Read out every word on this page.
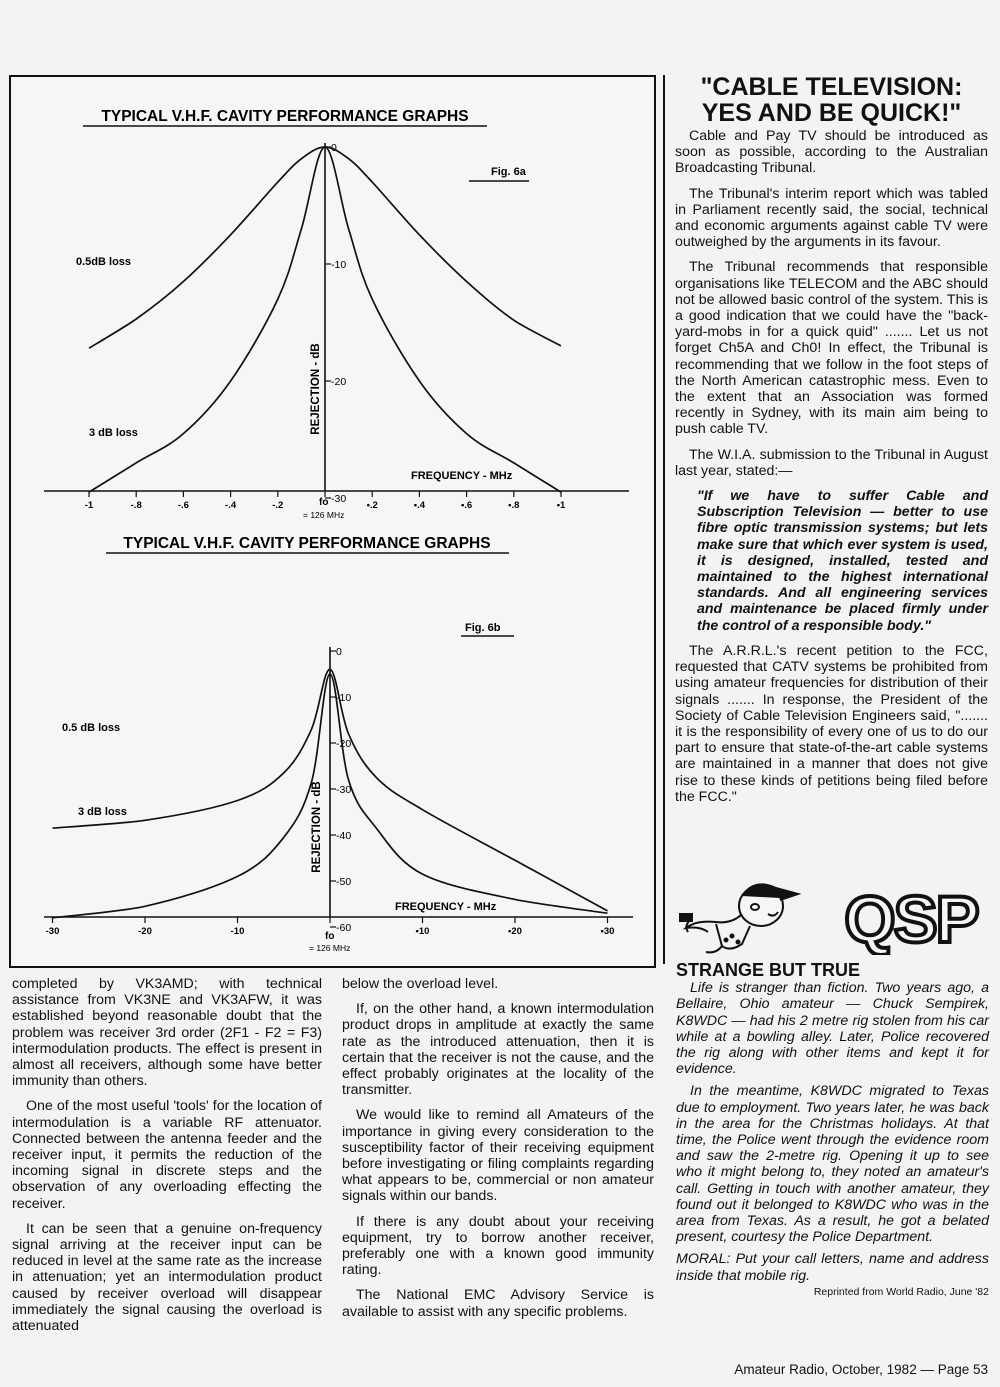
TYPICAL V.H.F. CAVITY PERFORMANCE GRAPHS
Fig. 6a
0
-10
-20
-30
-1	-.8	-.6	-.4	-.2	•.2	•.4	•.6	•.8	•1
REJECTION - dB
FREQUENCY - MHz
0.5dB loss
3 dB loss
fo
= 126 MHz
TYPICAL V.H.F. CAVITY PERFORMANCE GRAPHS
Fig. 6b
0
-10
-20
-30
-40
-50
-60
-30	-20	-10	•10	•20	•30
REJECTION - dB
FREQUENCY - MHz
0.5 dB loss
3 dB loss
fo
= 126 MHz

completed by VK3AMD; with technical assistance from VK3NE and VK3AFW, it was established beyond reasonable doubt that the problem was receiver 3rd order (2F1 - F2 = F3) intermodulation products. The effect is present in almost all receivers, although some have better immunity than others.

One of the most useful 'tools' for the location of intermodulation is a variable RF attenuator. Connected between the antenna feeder and the receiver input, it permits the reduction of the incoming signal in discrete steps and the observation of any overloading effecting the receiver.

It can be seen that a genuine on-frequency signal arriving at the receiver input can be reduced in level at the same rate as the increase in attenuation; yet an intermodulation product caused by receiver overload will disappear immediately the signal causing the overload is attenuated

below the overload level.

If, on the other hand, a known intermodulation product drops in amplitude at exactly the same rate as the introduced attenuation, then it is certain that the receiver is not the cause, and the effect probably originates at the locality of the transmitter.

We would like to remind all Amateurs of the importance in giving every consideration to the susceptibility factor of their receiving equipment before investigating or filing complaints regarding what appears to be, commercial or non amateur signals within our bands.

If there is any doubt about your receiving equipment, try to borrow another receiver, preferably one with a known good immunity rating.

The National EMC Advisory Service is available to assist with any specific problems.

"CABLE TELEVISION: YES AND BE QUICK!"

Cable and Pay TV should be introduced as soon as possible, according to the Australian Broadcasting Tribunal.

The Tribunal's interim report which was tabled in Parliament recently said, the social, technical and economic arguments against cable TV were outweighed by the arguments in its favour.

The Tribunal recommends that responsible organisations like TELECOM and the ABC should not be allowed basic control of the system. This is a good indication that we could have the "back-yard-mobs in for a quick quid" ....... Let us not forget Ch5A and Ch0! In effect, the Tribunal is recommending that we follow in the foot steps of the North American catastrophic mess. Even to the extent that an Association was formed recently in Sydney, with its main aim being to push cable TV.

The W.I.A. submission to the Tribunal in August last year, stated:—

"If we have to suffer Cable and Subscription Television — better to use fibre optic transmission systems; but lets make sure that which ever system is used, it is designed, installed, tested and maintained to the highest international standards. And all engineering services and maintenance be placed firmly under the control of a responsible body."

The A.R.R.L.'s recent petition to the FCC, requested that CATV systems be prohibited from using amateur frequencies for distribution of their signals ....... In response, the President of the Society of Cable Television Engineers said, "....... it is the responsibility of every one of us to do our part to ensure that state-of-the-art cable systems are maintained in a manner that does not give rise to these kinds of petitions being filed before the FCC."

QSP
STRANGE BUT TRUE

Life is stranger than fiction. Two years ago, a Bellaire, Ohio amateur — Chuck Sempirek, K8WDC — had his 2 metre rig stolen from his car while at a bowling alley. Later, Police recovered the rig along with other items and kept it for evidence.

In the meantime, K8WDC migrated to Texas due to employment. Two years later, he was back in the area for the Christmas holidays. At that time, the Police went through the evidence room and saw the 2-metre rig. Opening it up to see who it might belong to, they noted an amateur's call. Getting in touch with another amateur, they found out it belonged to K8WDC who was in the area from Texas. As a result, he got a belated present, courtesy the Police Department.

MORAL: Put your call letters, name and address inside that mobile rig.

Reprinted from World Radio, June '82
Amateur Radio, October, 1982 — Page 53
